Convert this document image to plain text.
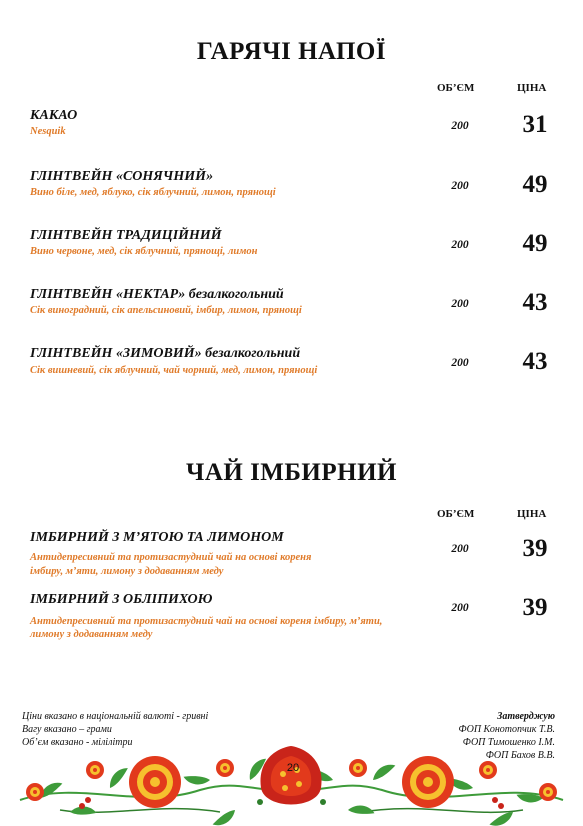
ГАРЯЧІ НАПОЇ
ОБ’ЄМ	ЦІНА
КАКАО
Nesquik	200	31
ГЛІНТВЕЙН «СОНЯЧНИЙ»
Вино біле, мед, яблуко, сік яблучний, лимон, прянощі
200	49
ГЛІНТВЕЙН ТРАДИЦІЙНИЙ
Вино червоне, мед, сік яблучний, прянощі, лимон
200	49
ГЛІНТВЕЙН «НЕКТАР» безалкогольний
Сік виноградний, сік апельсиновий, імбир, лимон, прянощі
200	43
ГЛІНТВЕЙН «ЗИМОВИЙ» безалкогольний
Сік вишневий, сік яблучний, чай чорний, мед, лимон, прянощі
200	43
ЧАЙ ІМБИРНИЙ
ОБ’ЄМ	ЦІНА
ІМБИРНИЙ З М’ЯТОЮ ТА ЛИМОНОМ
Антидепресивний та протизастудний чай на основі кореня
імбиру, м’яти, лимону з додаванням меду
200	39
ІМБИРНИЙ З ОБЛІПИХОЮ
Антидепресивний та протизастудний чай на основі кореня імбиру, м’яти,
лимону з додаванням меду
200	39
Ціни вказано в національній валюті - гривні
Вагу вказано – грами
Об’єм вказано - мілілітри
Затверджую
ФОП Конотопчик Т.В.
ФОП Тимошенко І.М.
ФОП Бахов В.В.
20
